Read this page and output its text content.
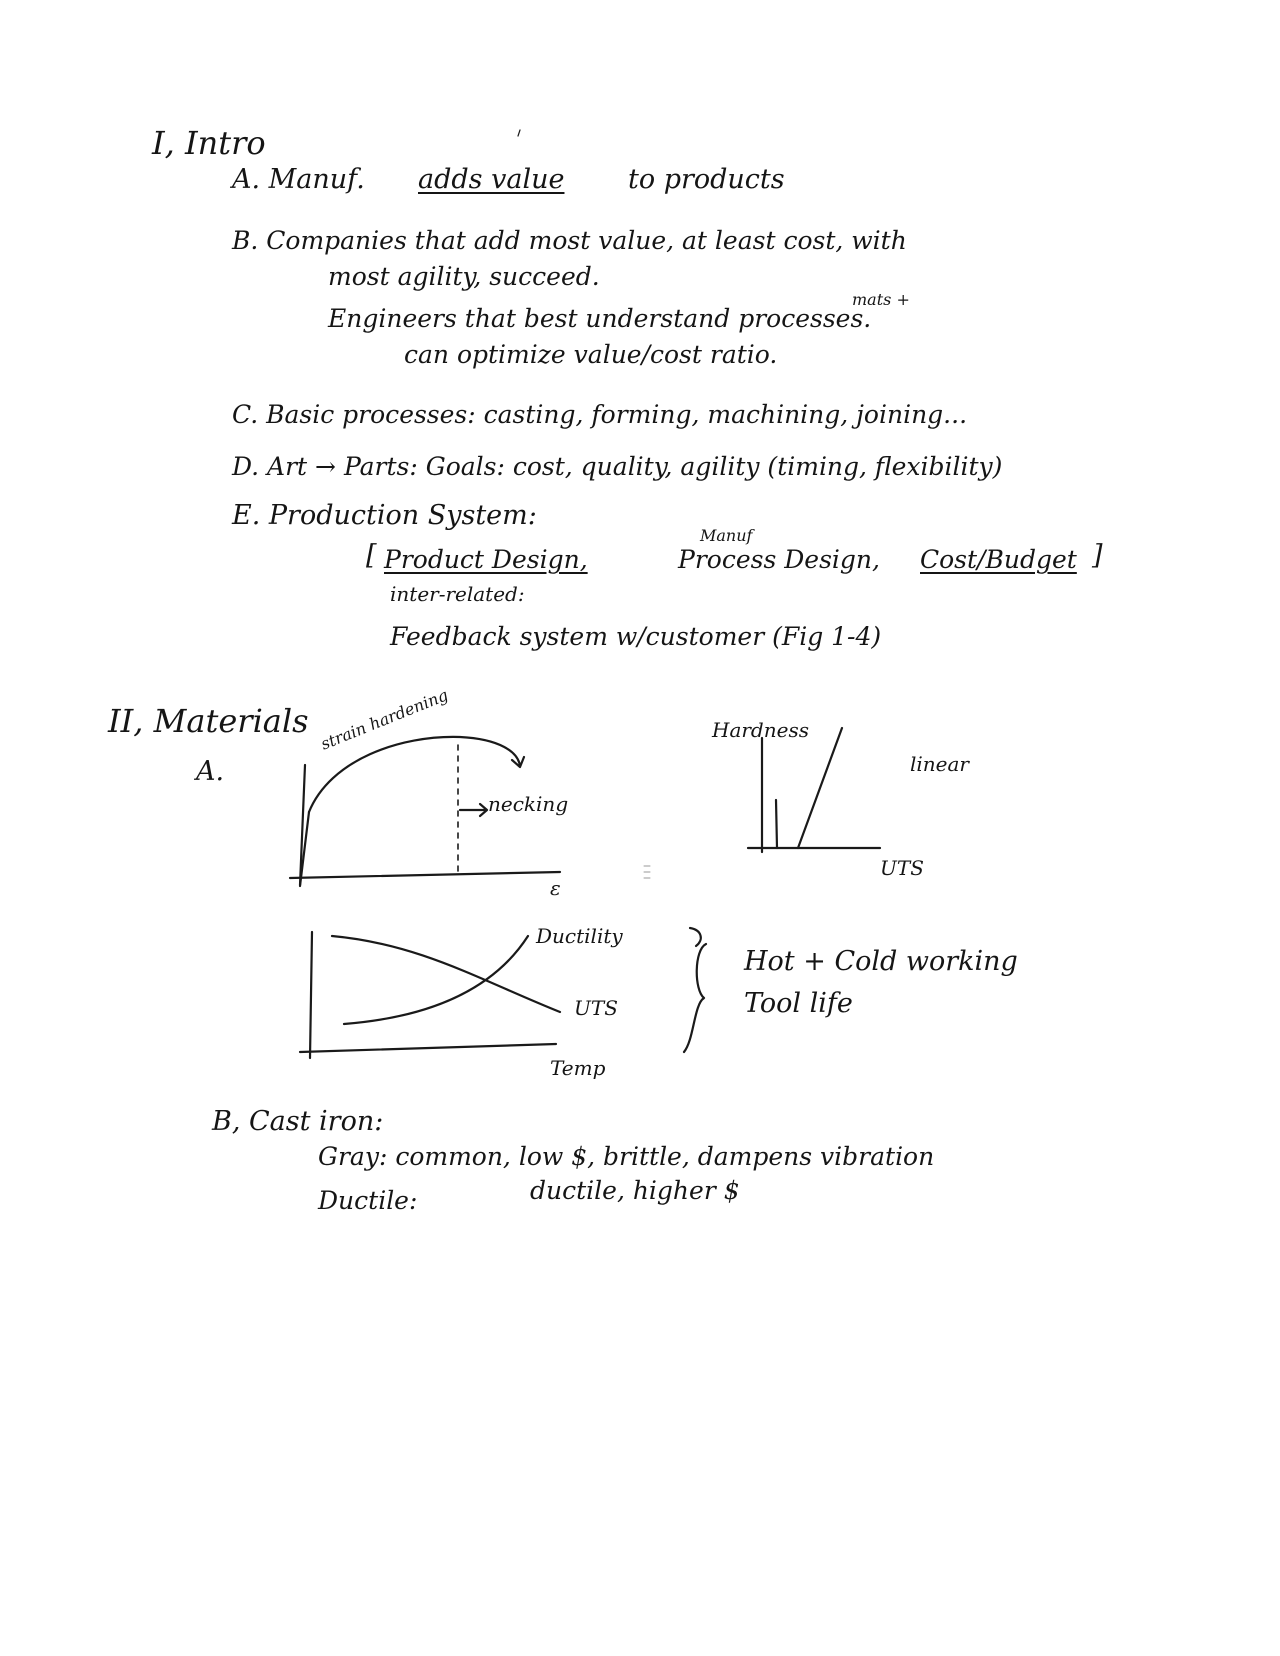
I, Intro
A. Manuf. adds value to products
B. Companies that add most value, at least cost, with
most agility, succeed.
mats +
Engineers that best understand processes.
can optimize value/cost ratio.
C. Basic processes: casting, forming, machining, joining...
D. Art → Parts: Goals: cost, quality, agility (timing, flexibility)
E. Production System:
[ Product Design,
Manuf
Process Design, Cost/Budget ]
inter-related:
Feedback system w/customer (Fig 1-4)
II, Materials
A.
strain hardening
necking
ε
Hardness
linear
UTS
Ductility
UTS
Temp
Hot + Cold working
Tool life
B, Cast iron:
Gray: common, low $, brittle, dampens vibration
Ductile:	ductile, higher $
